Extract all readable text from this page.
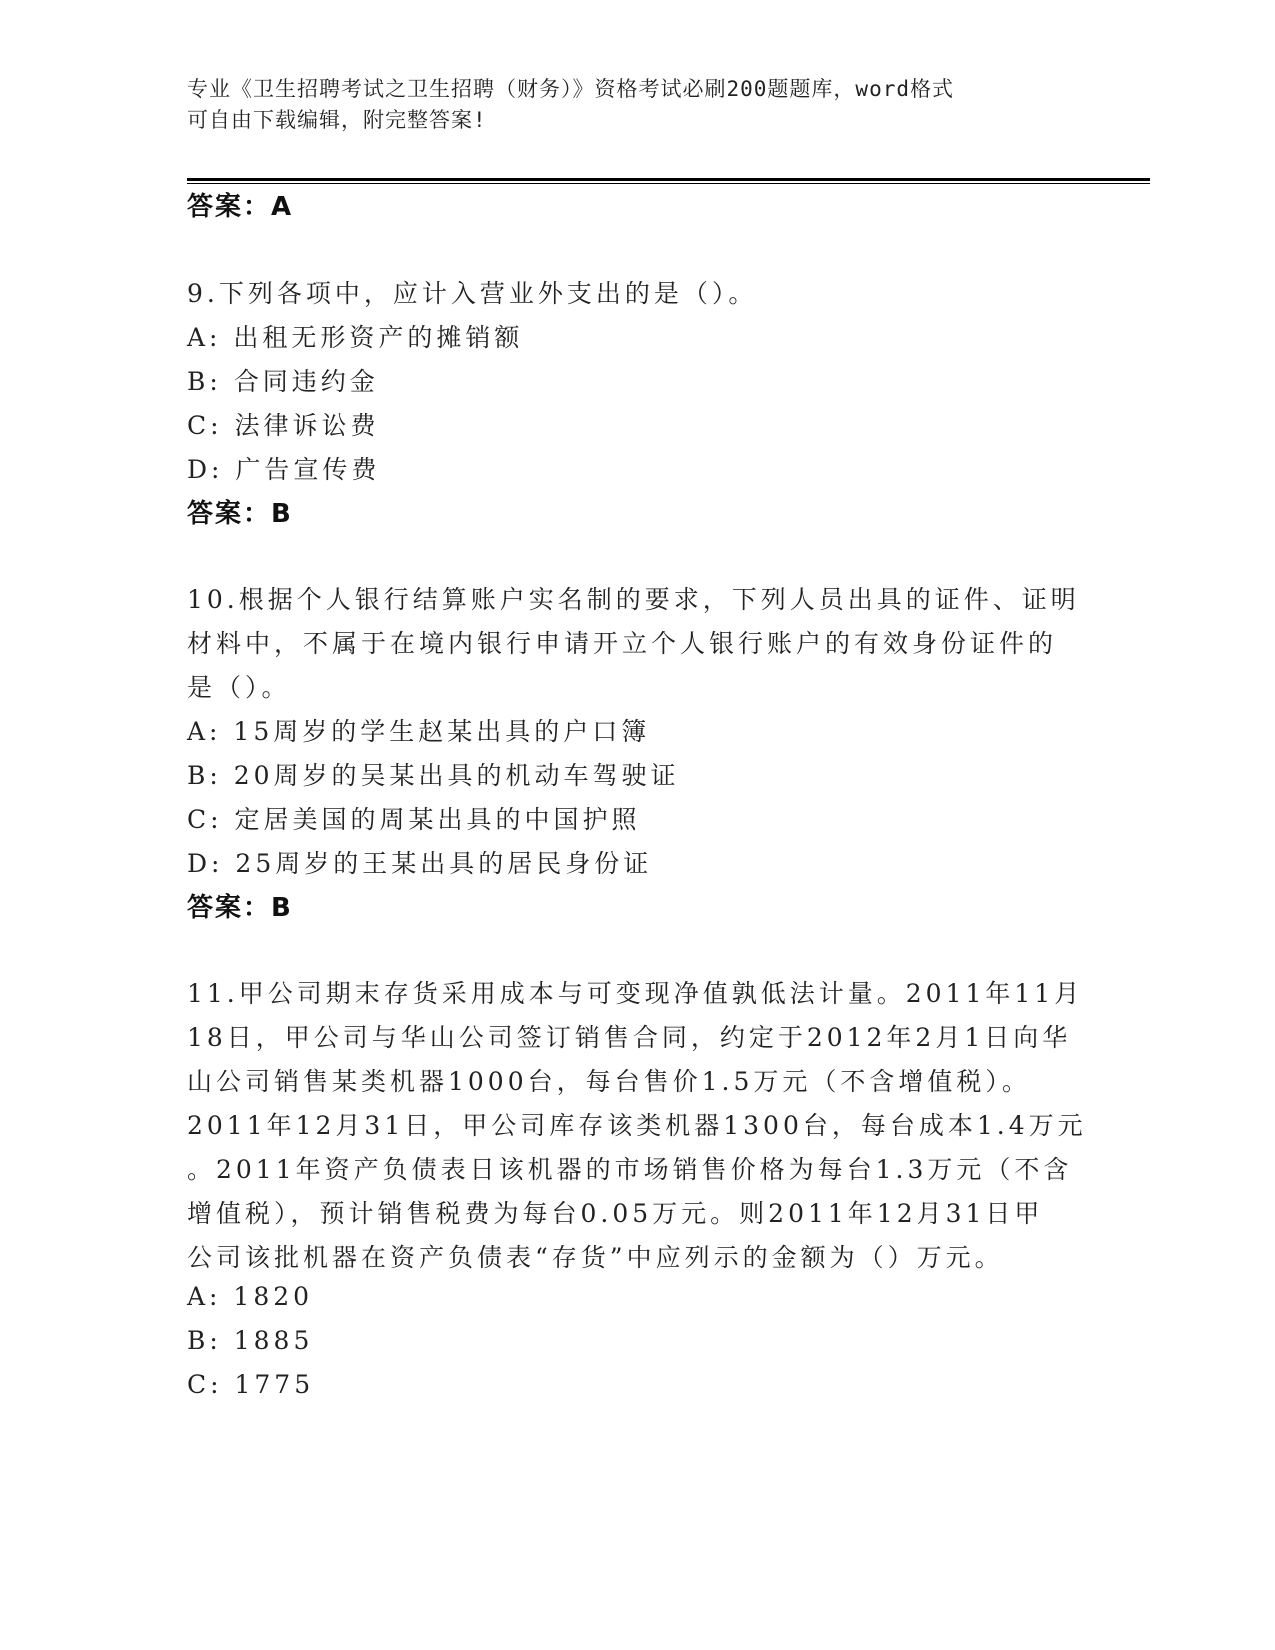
专业《卫生招聘考试之卫生招聘（财务）》资格考试必刷200题题库，word格式
可自由下载编辑，附完整答案!
答案：A
9.下列各项中，应计入营业外支出的是（）。
A: 出租无形资产的摊销额
B: 合同违约金
C: 法律诉讼费
D: 广告宣传费
答案：B
10.根据个人银行结算账户实名制的要求，下列人员出具的证件、证明
材料中，不属于在境内银行申请开立个人银行账户的有效身份证件的
是（）。
A: 15周岁的学生赵某出具的户口簿
B: 20周岁的吴某出具的机动车驾驶证
C: 定居美国的周某出具的中国护照
D: 25周岁的王某出具的居民身份证
答案：B
11.甲公司期末存货采用成本与可变现净值孰低法计量。2011年11月
18日，甲公司与华山公司签订销售合同，约定于2012年2月1日向华
山公司销售某类机器1000台，每台售价1.5万元（不含增值税）。
2011年12月31日，甲公司库存该类机器1300台，每台成本1.4万元
。2011年资产负债表日该机器的市场销售价格为每台1.3万元（不含
增值税），预计销售税费为每台0.05万元。则2011年12月31日甲
公司该批机器在资产负债表“存货”中应列示的金额为（）万元。
A: 1820
B: 1885
C: 1775
